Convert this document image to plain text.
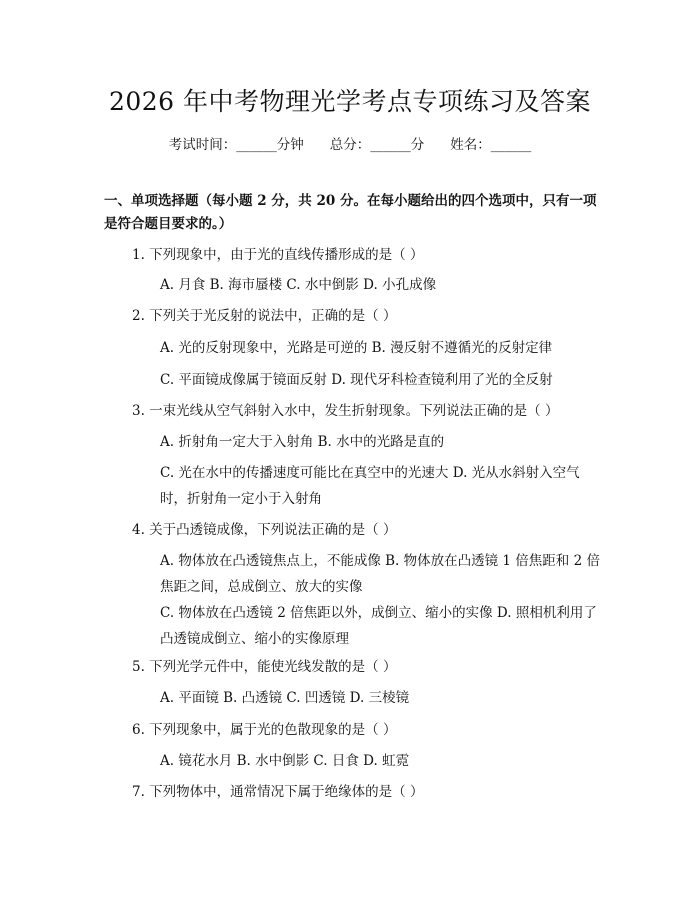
2026 年中考物理光学考点专项练习及答案
考试时间：______分钟 总分：______分 姓名：______
一、单项选择题（每小题 2 分，共 20 分。在每小题给出的四个选项中，只有一项是符合题目要求的。）
1. 下列现象中，由于光的直线传播形成的是（ ）
A. 月食 B. 海市蜃楼 C. 水中倒影 D. 小孔成像
2. 下列关于光反射的说法中，正确的是（ ）
A. 光的反射现象中，光路是可逆的 B. 漫反射不遵循光的反射定律
C. 平面镜成像属于镜面反射 D. 现代牙科检查镜利用了光的全反射
3. 一束光线从空气斜射入水中，发生折射现象。下列说法正确的是（ ）
A. 折射角一定大于入射角 B. 水中的光路是直的
C. 光在水中的传播速度可能比在真空中的光速大 D. 光从水斜射入空气时，折射角一定小于入射角
4. 关于凸透镜成像，下列说法正确的是（ ）
A. 物体放在凸透镜焦点上，不能成像 B. 物体放在凸透镜 1 倍焦距和 2 倍焦距之间，总成倒立、放大的实像
C. 物体放在凸透镜 2 倍焦距以外，成倒立、缩小的实像 D. 照相机利用了凸透镜成倒立、缩小的实像原理
5. 下列光学元件中，能使光线发散的是（ ）
A. 平面镜 B. 凸透镜 C. 凹透镜 D. 三棱镜
6. 下列现象中，属于光的色散现象的是（ ）
A. 镜花水月 B. 水中倒影 C. 日食 D. 虹霓
7. 下列物体中，通常情况下属于绝缘体的是（ ）
